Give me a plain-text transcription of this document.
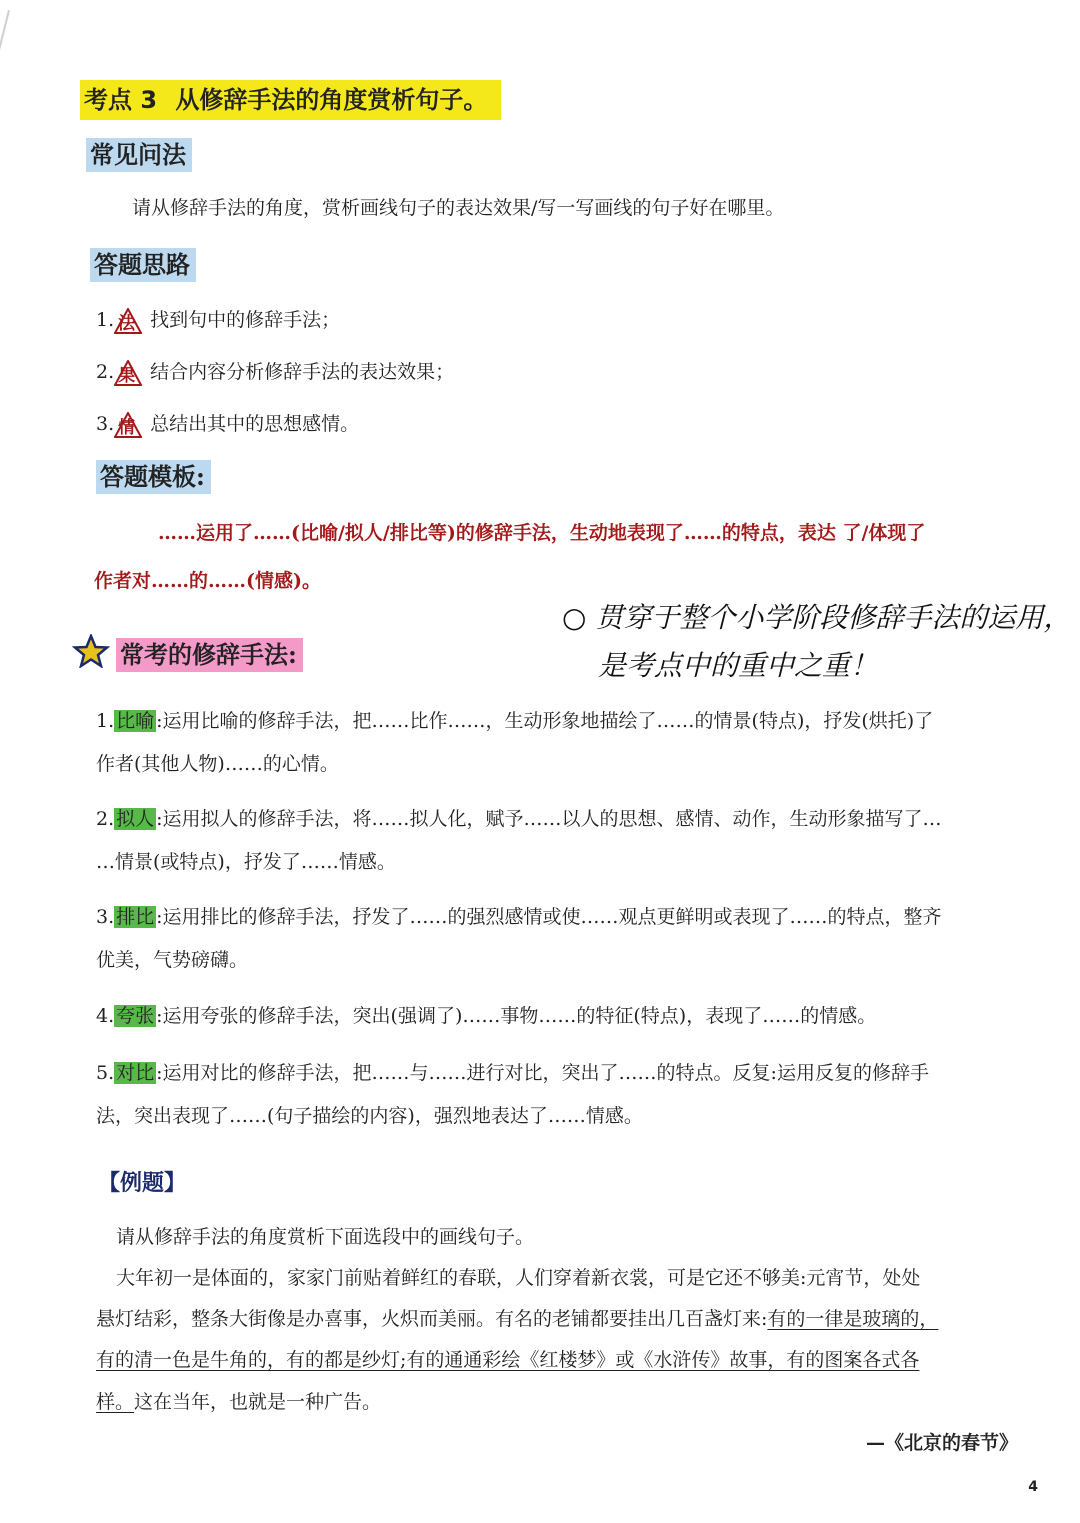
考点 3 从修辞手法的角度赏析句子。
常见问法
请从修辞手法的角度，赏析画线句子的表达效果/写一写画线的句子好在哪里。
答题思路
1. 法 找到句中的修辞手法；
2. 果 结合内容分析修辞手法的表达效果；
3. 情 总结出其中的思想感情。
答题模板:
……运用了……(比喻/拟人/排比等)的修辞手法，生动地表现了……的特点，表达 了/体现了
作者对……的……(情感)。
○ 贯穿于整个小学阶段修辞手法的运用，
是考点中的重中之重！
常考的修辞手法:
1. 比喻 :运用比喻的修辞手法，把……比作……，生动形象地描绘了……的情景(特点)，抒发(烘托)了
作者(其他人物)……的心情。
2. 拟人 :运用拟人的修辞手法，将……拟人化，赋予……以人的思想、感情、动作，生动形象描写了…
…情景(或特点)，抒发了……情感。
3. 排比 :运用排比的修辞手法，抒发了……的强烈感情或使……观点更鲜明或表现了……的特点，整齐
优美，气势磅礴。
4. 夸张 :运用夸张的修辞手法，突出(强调了)……事物……的特征(特点)，表现了……的情感。
5. 对比 :运用对比的修辞手法，把……与……进行对比，突出了……的特点。反复:运用反复的修辞手
法，突出表现了……(句子描绘的内容)，强烈地表达了……情感。
【例题】
请从修辞手法的角度赏析下面选段中的画线句子。
大年初一是体面的，家家门前贴着鲜红的春联，人们穿着新衣裳，可是它还不够美:元宵节，处处
悬灯结彩，整条大街像是办喜事，火炽而美丽。有名的老铺都要挂出几百盏灯来:有的一律是玻璃的，
有的清一色是牛角的，有的都是纱灯;有的通通彩绘《红楼梦》或《水浒传》故事，有的图案各式各
样。这在当年，也就是一种广告。
—《北京的春节》
4
